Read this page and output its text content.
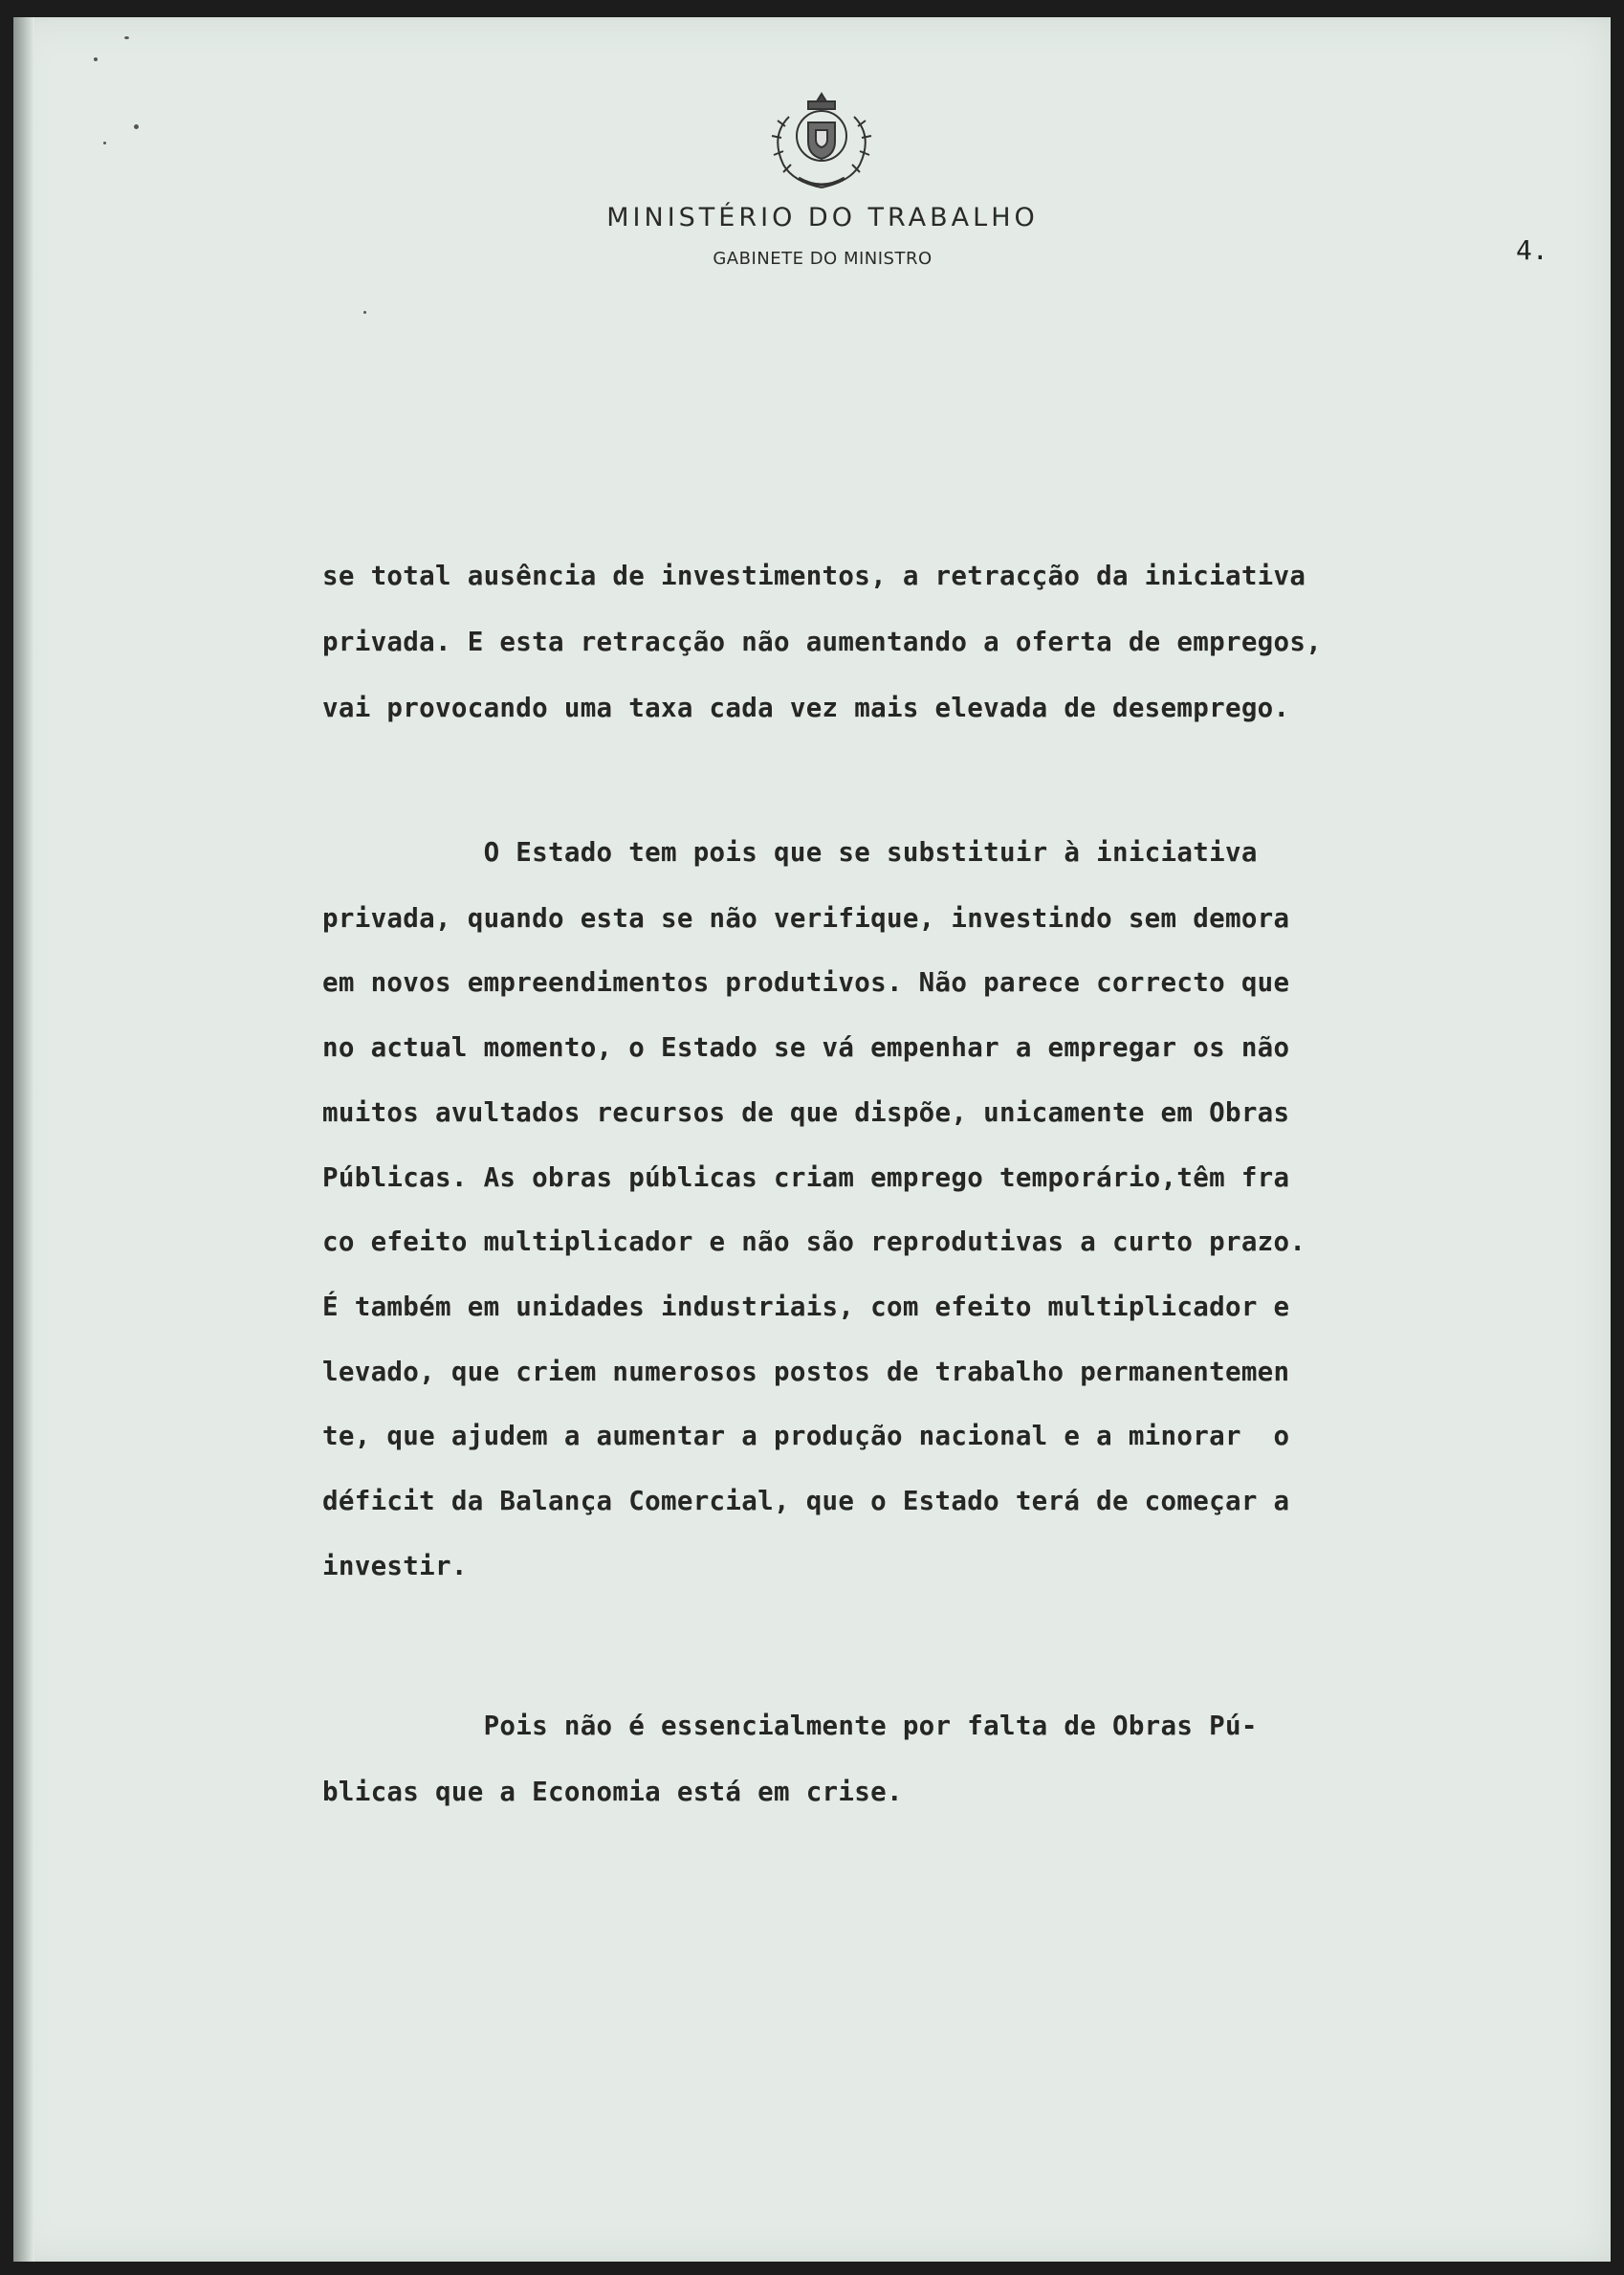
MINISTÉRIO DO TRABALHO
GABINETE DO MINISTRO	4.
se total ausência de investimentos, a retracção da iniciativa
privada. E esta retracção não aumentando a oferta de empregos,
vai provocando uma taxa cada vez mais elevada de desemprego.
O Estado tem pois que se substituir à iniciativa
privada, quando esta se não verifique, investindo sem demora
em novos empreendimentos produtivos. Não parece correcto que
no actual momento, o Estado se vá empenhar a empregar os não
muitos avultados recursos de que dispõe, unicamente em Obras
Públicas. As obras públicas criam emprego temporário,têm fra
co efeito multiplicador e não são reprodutivas a curto prazo.
É também em unidades industriais, com efeito multiplicador e
levado, que criem numerosos postos de trabalho permanentemen
te, que ajudem a aumentar a produção nacional e a minorar  o
déficit da Balança Comercial, que o Estado terá de começar a
investir.
Pois não é essencialmente por falta de Obras Pú-
blicas que a Economia está em crise.
